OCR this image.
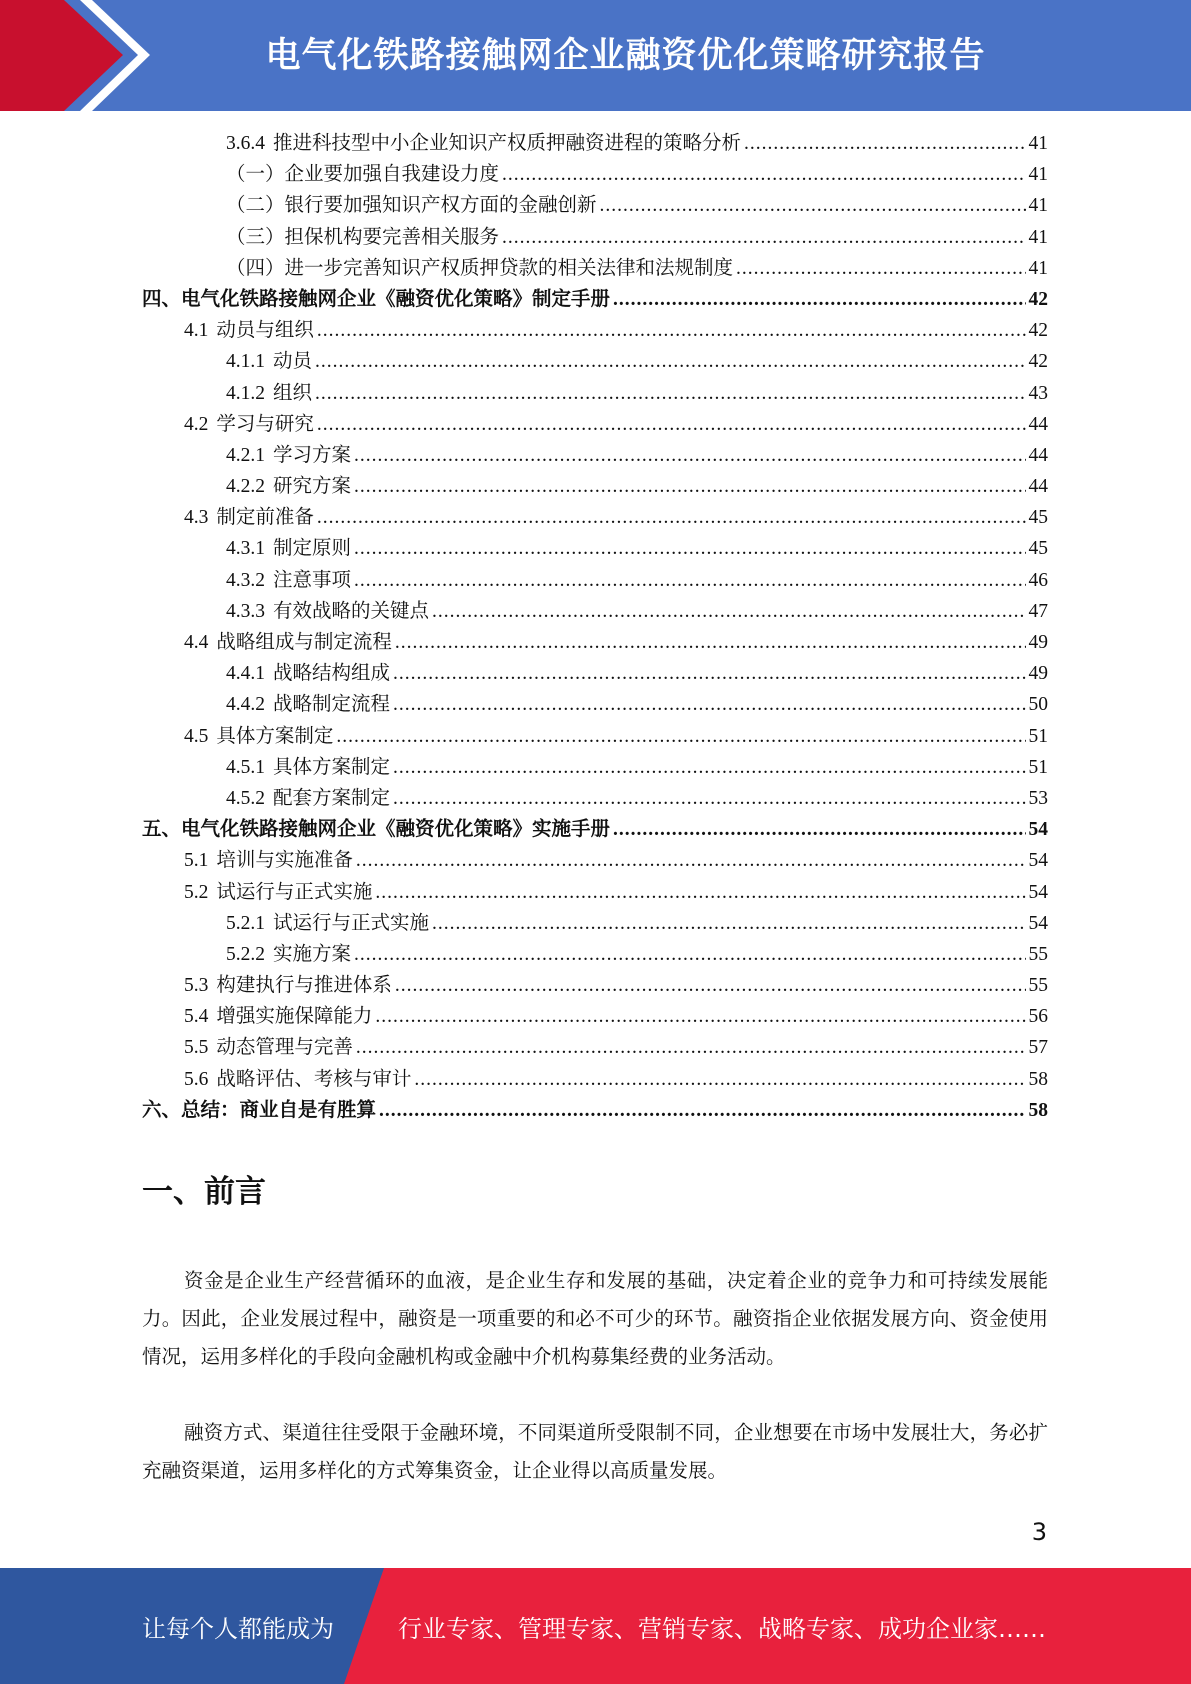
电气化铁路接触网企业融资优化策略研究报告
3.6.4 推进科技型中小企业知识产权质押融资进程的策略分析 .....	41
（一）企业要加强自我建设力度 .....	41
（二）银行要加强知识产权方面的金融创新 .....	41
（三）担保机构要完善相关服务 .....	41
（四）进一步完善知识产权质押贷款的相关法律和法规制度 .....	41
四、电气化铁路接触网企业《融资优化策略》制定手册 .....	42
4.1 动员与组织 .....	42
4.1.1 动员 .....	42
4.1.2 组织 .....	43
4.2 学习与研究 .....	44
4.2.1 学习方案 .....	44
4.2.2 研究方案 .....	44
4.3 制定前准备 .....	45
4.3.1 制定原则 .....	45
4.3.2 注意事项 .....	46
4.3.3 有效战略的关键点 .....	47
4.4 战略组成与制定流程 .....	49
4.4.1 战略结构组成 .....	49
4.4.2 战略制定流程 .....	50
4.5 具体方案制定 .....	51
4.5.1 具体方案制定 .....	51
4.5.2 配套方案制定 .....	53
五、电气化铁路接触网企业《融资优化策略》实施手册 .....	54
5.1 培训与实施准备 .....	54
5.2 试运行与正式实施 .....	54
5.2.1 试运行与正式实施 .....	54
5.2.2 实施方案 .....	55
5.3 构建执行与推进体系 .....	55
5.4 增强实施保障能力 .....	56
5.5 动态管理与完善 .....	57
5.6 战略评估、考核与审计 .....	58
六、总结：商业自是有胜算 .....	58
一、前言

资金是企业生产经营循环的血液，是企业生存和发展的基础，决定着企业的竞争力和可持续发展能力。因此，企业发展过程中，融资是一项重要的和必不可少的环节。融资指企业依据发展方向、资金使用情况，运用多样化的手段向金融机构或金融中介机构募集经费的业务活动。

融资方式、渠道往往受限于金融环境，不同渠道所受限制不同，企业想要在市场中发展壮大，务必扩充融资渠道，运用多样化的方式筹集资金，让企业得以高质量发展。

3
让每个人都能成为	行业专家、管理专家、营销专家、战略专家、成功企业家……
